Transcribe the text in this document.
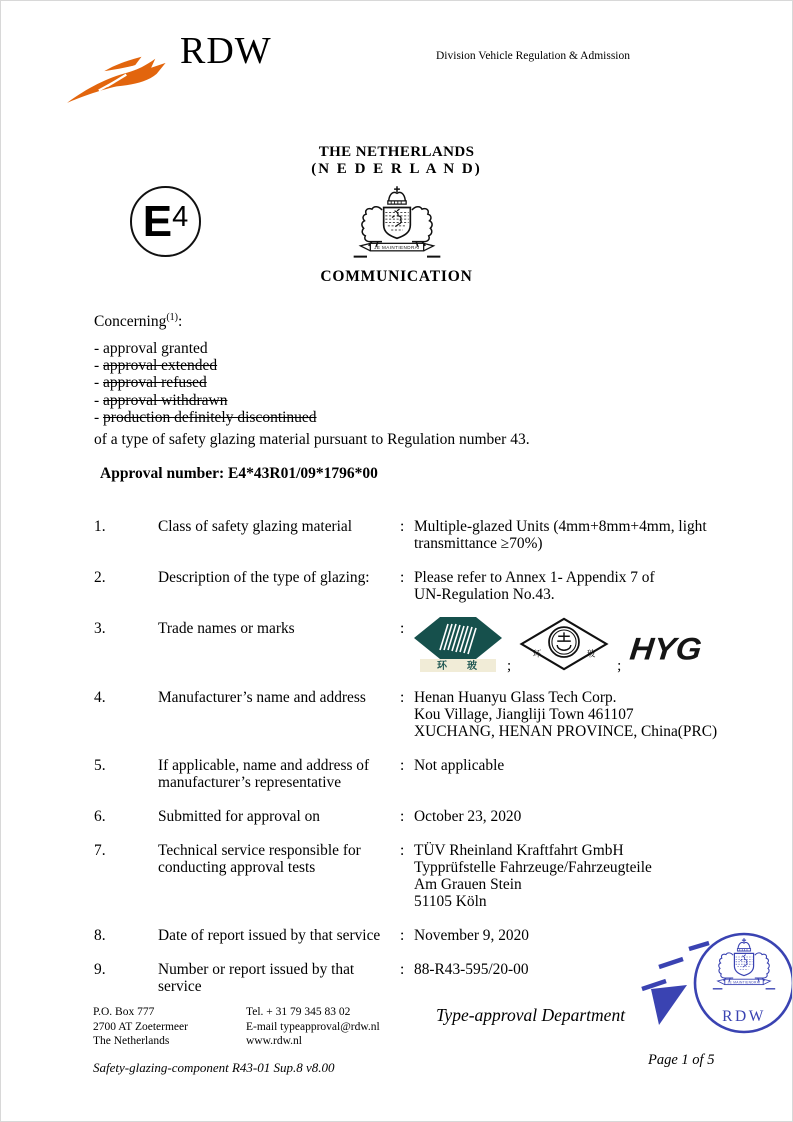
RDW	Division Vehicle Regulation & Admission
THE NETHERLANDS
(N E D E R L A N D)
E 4
COMMUNICATION
Concerning$^{(1)}$:
- approval granted
- approval extended
- approval refused
- approval withdrawn
- production definitely discontinued
of a type of safety glazing material pursuant to Regulation number 43.
Approval number: E4*43R01/09*1796*00
1.	Class of safety glazing material	: Multiple-glazed Units (4mm+8mm+4mm, light
transmittance ≥70%)
2.	Description of the type of glazing:	: Please refer to Annex 1- Appendix 7 of
UN-Regulation No.43.
3.	Trade names or marks	:
环 玻 ;
环	玻
; HYG
4.	Manufacturer’s name and address	: Henan Huanyu Glass Tech Corp.
Kou Village, Jiangliji Town 461107
XUCHANG, HENAN PROVINCE, China(PRC)
5.	If applicable, name and address of
manufacturer’s representative
: Not applicable
6.	Submitted for approval on	: October 23, 2020
7.	Technical service responsible for
conducting approval tests
: TÜV Rheinland Kraftfahrt GmbH
Typprüfstelle Fahrzeuge/Fahrzeugteile
Am Grauen Stein
51105 Köln
8.	Date of report issued by that service	: November 9, 2020
9.	Number or report issued by that service
: 88-R43-595/20-00
P.O. Box 777
2700 AT Zoetermeer
The Netherlands
Tel. + 31 79 345 83 02
E-mail typeapproval@rdw.nl
www.rdw.nl
Type-approval Department	RDW
Safety-glazing-component R43-01 Sup.8 v8.00	Page 1 of 5
